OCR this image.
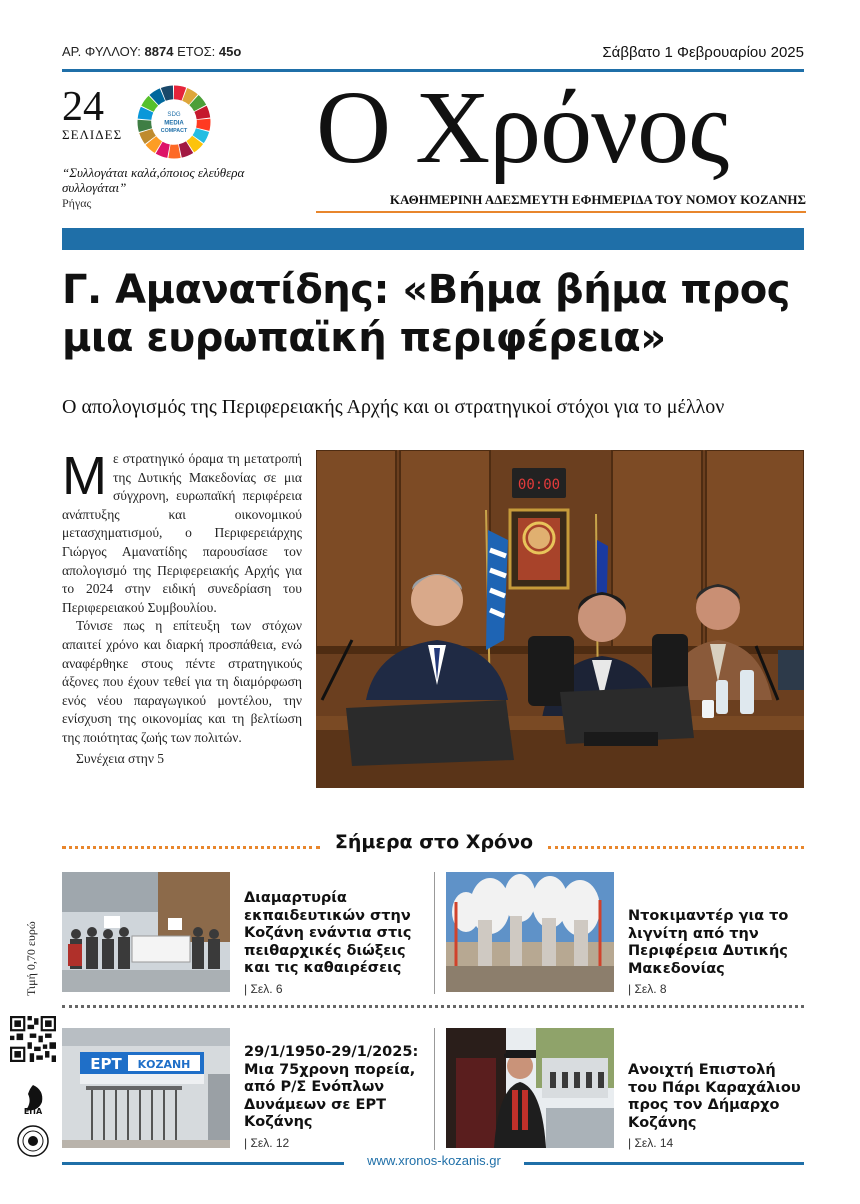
ΑΡ. ΦΥΛΛΟΥ: 8874 ΕΤΟΣ: 45ο	Σάββατο 1 Φεβρουαρίου 2025
24
ΣΕΛΙΔΕΣ
SDG
MEDIA
COMPACT
“Συλλογάται καλά,όποιος ελεύθερα συλλογάται”
Ρήγας
Ο Χρόνος
ΚΑΘΗΜΕΡΙΝΗ ΑΔΕΣΜΕΥΤΗ ΕΦΗΜΕΡΙΔΑ ΤΟΥ ΝΟΜΟΥ ΚΟΖΑΝΗΣ
Γ. Αμανατίδης: «Βήμα βήμα προς
μια ευρωπαϊκή περιφέρεια»
Ο απολογισμός της Περιφερειακής Αρχής και οι στρατηγικοί στόχοι για το μέλλον

Με στρατηγικό όραμα τη μετατροπή της Δυτικής Μακεδονίας σε μια σύγχρονη, ευρωπαϊκή περιφέρεια ανάπτυξης και οικονομικού μετασχηματισμού, ο Περιφερειάρχης Γιώργος Αμανατίδης παρουσίασε τον απολογισμό της Περιφερειακής Αρχής για το 2024 στην ειδική συνεδρίαση του Περιφερειακού Συμβουλίου.

Τόνισε πως η επίτευξη των στόχων απαιτεί χρόνο και διαρκή προσπάθεια, ενώ αναφέρθηκε στους πέντε στρατηγικούς άξονες που έχουν τεθεί για τη διαμόρφωση ενός νέου παραγωγικού μοντέλου, την ενίσχυση της οικονομίας και τη βελτίωση της ποιότητας ζωής των πολιτών.

Συνέχεια στην 5

00:00
Σήμερα στο Χρόνο
Διαμαρτυρία εκπαιδευτικών στην Κοζάνη ενάντια στις πειθαρχικές διώξεις και τις καθαιρέσεις
| Σελ. 6
Ντοκιμαντέρ για το λιγνίτη από την Περιφέρεια Δυτικής Μακεδονίας
| Σελ. 8
ΕΡΤ ΚΟΖΑΝΗ
29/1/1950-29/1/2025: Μια 75χρονη πορεία, από Ρ/Σ Ενόπλων Δυνάμεων σε ΕΡΤ Κοζάνης
| Σελ. 12
Ανοιχτή Επιστολή του Πάρι Καραχάλιου προς τον Δήμαρχο Κοζάνης
| Σελ. 14
Τιμή 0,70 ευρώ
ΕΠΑ
www.xronos-kozanis.gr
